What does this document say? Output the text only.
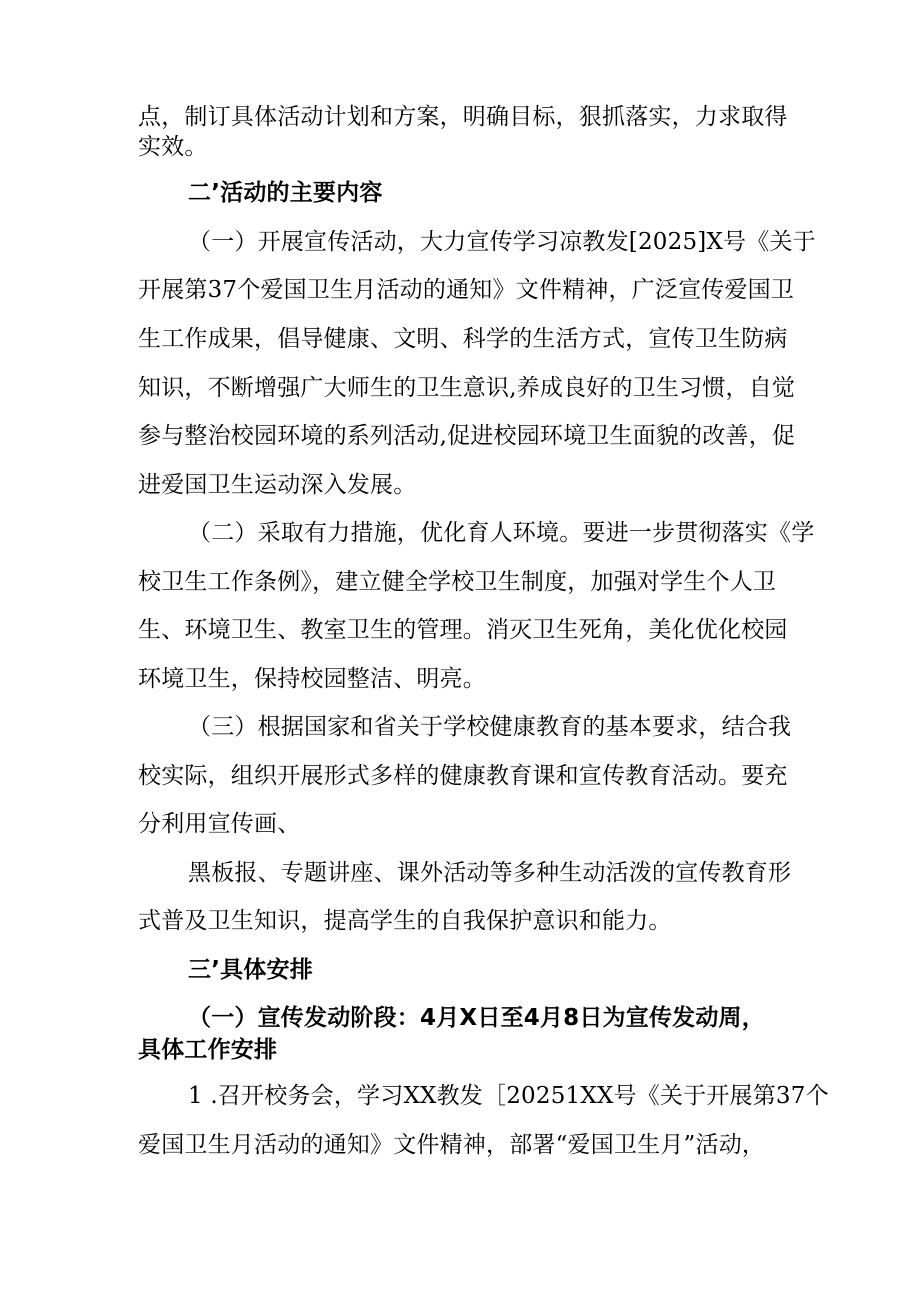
点，制订具体活动计划和方案，明确目标，狠抓落实，力求取得
实效。
二’活动的主要内容
（一）开展宣传活动，大力宣传学习凉教发[2025]X号《关于
开展第37个爱国卫生月活动的通知》文件精神，广泛宣传爱国卫
生工作成果，倡导健康、文明、科学的生活方式，宣传卫生防病
知识，不断增强广大师生的卫生意识,养成良好的卫生习惯，自觉
参与整治校园环境的系列活动,促进校园环境卫生面貌的改善，促
进爱国卫生运动深入发展。
（二）采取有力措施，优化育人环境。要进一步贯彻落实《学
校卫生工作条例》，建立健全学校卫生制度，加强对学生个人卫
生、环境卫生、教室卫生的管理。消灭卫生死角，美化优化校园
环境卫生，保持校园整洁、明亮。
（三）根据国家和省关于学校健康教育的基本要求，结合我
校实际，组织开展形式多样的健康教育课和宣传教育活动。要充
分利用宣传画、
黑板报、专题讲座、课外活动等多种生动活泼的宣传教育形
式普及卫生知识，提高学生的自我保护意识和能力。
三’具体安排
（一）宣传发动阶段：4月X日至4月8日为宣传发动周，
具体工作安排
1 .召开校务会，学习XX教发［20251XX号《关于开展第37个
爱国卫生月活动的通知》文件精神，部署“爱国卫生月”活动，
